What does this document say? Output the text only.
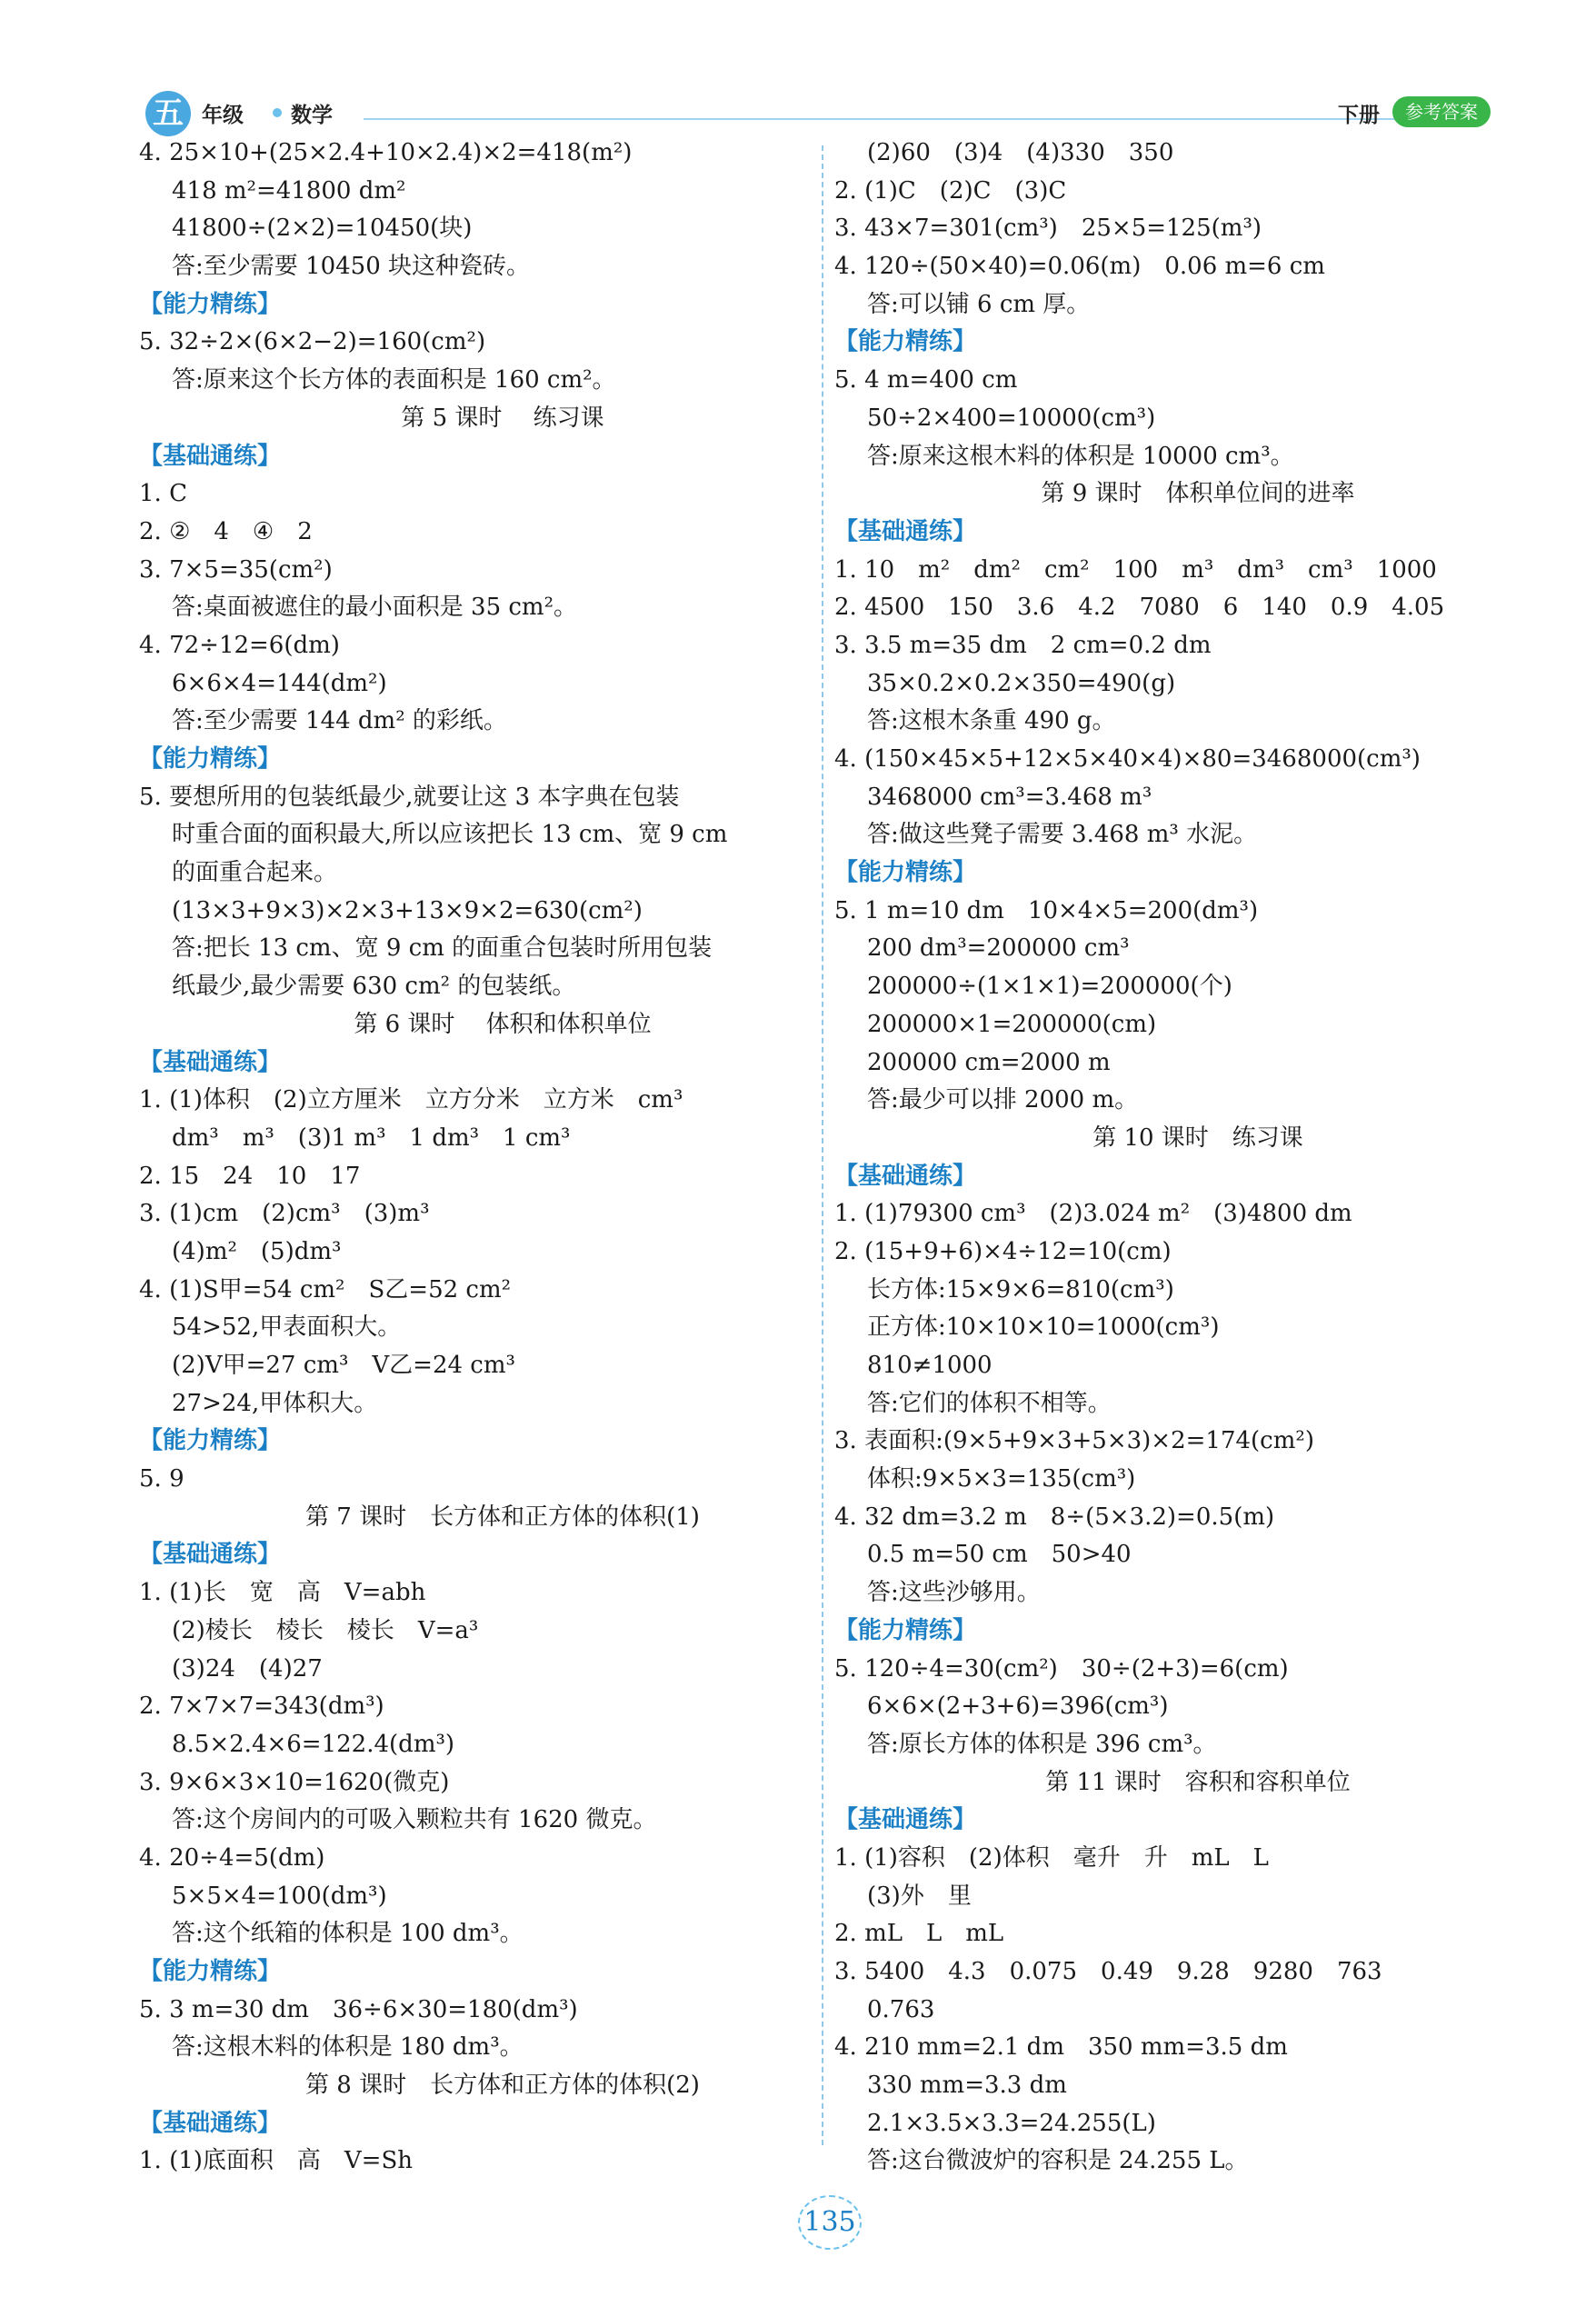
五 年级 数学	下册	参考答案
4. 25×10+(25×2.4+10×2.4)×2=418(m²)
418 m²=41800 dm²
41800÷(2×2)=10450(块)
答:至少需要 10450 块这种瓷砖。
【能力精练】
5. 32÷2×(6×2−2)=160(cm²)
答:原来这个长方体的表面积是 160 cm²。
第 5 课时　 练习课
【基础通练】
1. C
2. ②　4　④　2
3. 7×5=35(cm²)
答:桌面被遮住的最小面积是 35 cm²。
4. 72÷12=6(dm)
6×6×4=144(dm²)
答:至少需要 144 dm² 的彩纸。
【能力精练】
5. 要想所用的包装纸最少,就要让这 3 本字典在包装
时重合面的面积最大,所以应该把长 13 cm、宽 9 cm
的面重合起来。
(13×3+9×3)×2×3+13×9×2=630(cm²)
答:把长 13 cm、宽 9 cm 的面重合包装时所用包装
纸最少,最少需要 630 cm² 的包装纸。
第 6 课时　 体积和体积单位
【基础通练】
1. (1)体积　(2)立方厘米　立方分米　立方米　cm³
dm³　m³　(3)1 m³　1 dm³　1 cm³
2. 15　24　10　17
3. (1)cm　(2)cm³　(3)m³
(4)m²　(5)dm³
4. (1)S甲=54 cm²　S乙=52 cm²
54>52,甲表面积大。
(2)V甲=27 cm³　V乙=24 cm³
27>24,甲体积大。
【能力精练】
5. 9
第 7 课时　长方体和正方体的体积(1)
【基础通练】
1. (1)长　宽　高　V=abh
(2)棱长　棱长　棱长　V=a³
(3)24　(4)27
2. 7×7×7=343(dm³)
8.5×2.4×6=122.4(dm³)
3. 9×6×3×10=1620(微克)
答:这个房间内的可吸入颗粒共有 1620 微克。
4. 20÷4=5(dm)
5×5×4=100(dm³)
答:这个纸箱的体积是 100 dm³。
【能力精练】
5. 3 m=30 dm　36÷6×30=180(dm³)
答:这根木料的体积是 180 dm³。
第 8 课时　长方体和正方体的体积(2)
【基础通练】
1. (1)底面积　高　V=Sh
(2)60　(3)4　(4)330　350
2. (1)C　(2)C　(3)C
3. 43×7=301(cm³)　25×5=125(m³)
4. 120÷(50×40)=0.06(m)　0.06 m=6 cm
答:可以铺 6 cm 厚。
【能力精练】
5. 4 m=400 cm
50÷2×400=10000(cm³)
答:原来这根木料的体积是 10000 cm³。
第 9 课时　体积单位间的进率
【基础通练】
1. 10　m²　dm²　cm²　100　m³　dm³　cm³　1000
2. 4500　150　3.6　4.2　7080　6　140　0.9　4.05
3. 3.5 m=35 dm　2 cm=0.2 dm
35×0.2×0.2×350=490(g)
答:这根木条重 490 g。
4. (150×45×5+12×5×40×4)×80=3468000(cm³)
3468000 cm³=3.468 m³
答:做这些凳子需要 3.468 m³ 水泥。
【能力精练】
5. 1 m=10 dm　10×4×5=200(dm³)
200 dm³=200000 cm³
200000÷(1×1×1)=200000(个)
200000×1=200000(cm)
200000 cm=2000 m
答:最少可以排 2000 m。
第 10 课时　练习课
【基础通练】
1. (1)79300 cm³　(2)3.024 m²　(3)4800 dm
2. (15+9+6)×4÷12=10(cm)
长方体:15×9×6=810(cm³)
正方体:10×10×10=1000(cm³)
810≠1000
答:它们的体积不相等。
3. 表面积:(9×5+9×3+5×3)×2=174(cm²)
体积:9×5×3=135(cm³)
4. 32 dm=3.2 m　8÷(5×3.2)=0.5(m)
0.5 m=50 cm　50>40
答:这些沙够用。
【能力精练】
5. 120÷4=30(cm²)　30÷(2+3)=6(cm)
6×6×(2+3+6)=396(cm³)
答:原长方体的体积是 396 cm³。
第 11 课时　容积和容积单位
【基础通练】
1. (1)容积　(2)体积　毫升　升　mL　L
(3)外　里
2. mL　L　mL
3. 5400　4.3　0.075　0.49　9.28　9280　763
0.763
4. 210 mm=2.1 dm　350 mm=3.5 dm
330 mm=3.3 dm
2.1×3.5×3.3=24.255(L)
答:这台微波炉的容积是 24.255 L。
135
